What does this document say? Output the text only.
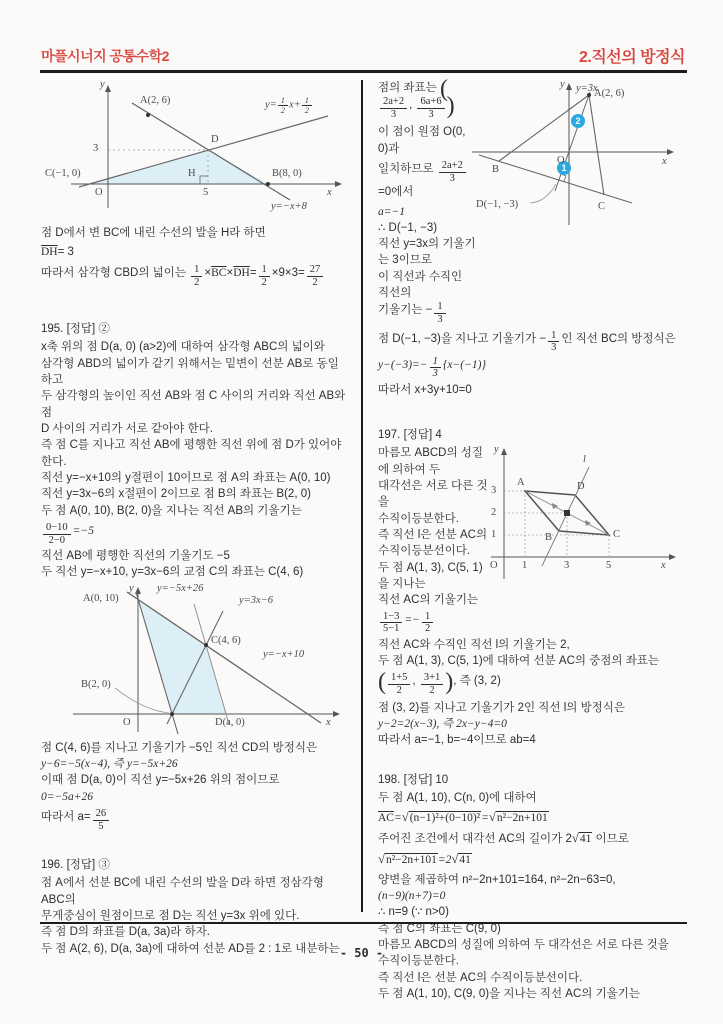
마플시너지 공통수학2	2.직선의 방정식
- 50 -
y
A(2, 6)	$y= \frac{1}{2} x+ \frac{1}{2}$
3
D
C(−1, 0)	H
5
B(8, 0)
O	x
y=−x+8

점 D에서 변 BC에 내린 수선의 발을 H라 하면

$\overline{DH}= 3$

따라서 삼각형 CBD의 넓이는 $\frac{1}{2} \times\overline{BC}\times\overline{DH}= \frac{1}{2} \times 9\times 3= \frac{27}{2}$

195. [정답] ②

x축 위의 점 D(a, 0) (a>2)에 대하여 삼각형 ABC의 넓이와

삼각형 ABD의 넓이가 같기 위해서는 밑변이 선분 AB로 동일하고

두 삼각형의 높이인 직선 AB와 점 C 사이의 거리와 직선 AB와 점

D 사이의 거리가 서로 같아야 한다.

즉 점 C를 지나고 직선 AB에 평행한 직선 위에 점 D가 있어야

한다.

직선 y=−x+10의 y절편이 10이므로 점 A의 좌표는 A(0, 10)

직선 y=3x−6의 x절편이 2이므로 점 B의 좌표는 B(2, 0)

두 점 A(0, 10), B(2, 0)을 지나는 직선 AB의 기울기는

$\frac{0-10}{2-0} =-5$

직선 AB에 평행한 직선의 기울기도 −5

두 직선 y=−x+10, y=3x−6의 교점 C의 좌표는 C(4, 6)

y y=−5x+26
y=3x−6
A(0, 10)
C(4, 6)
y=−x+10
B(2, 0)
O	D(a, 0)	x

점 C(4, 6)를 지나고 기울기가 −5인 직선 CD의 방정식은

y−6=−5(x−4), 즉 y=−5x+26

이때 점 D(a, 0)이 직선 y=−5x+26 위의 점이므로

0=−5a+26

따라서 $a= \frac{26}{5}$

196. [정답] ③

점 A에서 선분 BC에 내린 수선의 발을 D라 하면 정삼각형 ABC의

무게중심이 원점이므로 점 D는 직선 y=3x 위에 있다.

즉 점 D의 좌표를 D(a, 3a)라 하자.

두 점 A(2, 6), D(a, 3a)에 대하여 선분 AD를 2 : 1로 내분하는

점의 좌표는 (
$\frac{2a+2}{3}$ , $\frac{6a+6}{3}$ )

이 점이 원점 O(0, 0)과

일치하므로 $\frac{2a+2}{3}$
=0에서

a=−1

∴ D(−1, −3)

직선 y=3x의 기울기는 3이므로

이 직선과 수직인 직선의

기울기는 − $\frac{1}{3}$

y y=3x
A(2, 6)
2
1
O	x
B
D(−1, −3)	C

점 D(−1, −3)을 지나고 기울기가 − $\frac{1}{3}$ 인 직선 BC의 방정식은

$y-(-3)=- \frac{1}{3} \{x-(-1)\}$

따라서 x+3y+10=0

197. [정답] 4

마름모 ABCD의 성질에 의하여 두

대각선은 서로 다른 것을

수직이등분한다.

즉 직선 l은 선분 AC의

수직이등분선이다.

두 점 A(1, 3), C(5, 1)을 지나는

직선 AC의 기울기는

y
l
A	D
B	C
3
2
1
O 1	3	5	x

$\frac{1-3}{5-1} =- \frac{1}{2}$

직선 AC와 수직인 직선 l의 기울기는 2,

두 점 A(1, 3), C(5, 1)에 대하여 선분 AC의 중점의 좌표는

( $\frac{1+5}{2}$ , $\frac{3+1}{2}$ ), 즉 (3, 2)

점 (3, 2)를 지나고 기울기가 2인 직선 l의 방정식은

y−2=2(x−3), 즉 2x−y−4=0

따라서 a=−1, b=−4이므로 ab=4

198. [정답] 10

두 점 A(1, 10), C(n, 0)에 대하여

$\overline{AC}=$ √ (n−1)²+(0−10)²= √ n²−2n+101

주어진 조건에서 대각선 AC의 길이가 2 √ 41 이므로

√ n²−2n+101=2 √ 41

양변을 제곱하여 n²−2n+101=164, n²−2n−63=0,

(n−9)(n+7)=0

∴ n=9 (∵ n>0)

즉 점 C의 좌표는 C(9, 0)

마름모 ABCD의 성질에 의하여 두 대각선은 서로 다른 것을

수직이등분한다.

즉 직선 l은 선분 AC의 수직이등분선이다.

두 점 A(1, 10), C(9, 0)을 지나는 직선 AC의 기울기는
